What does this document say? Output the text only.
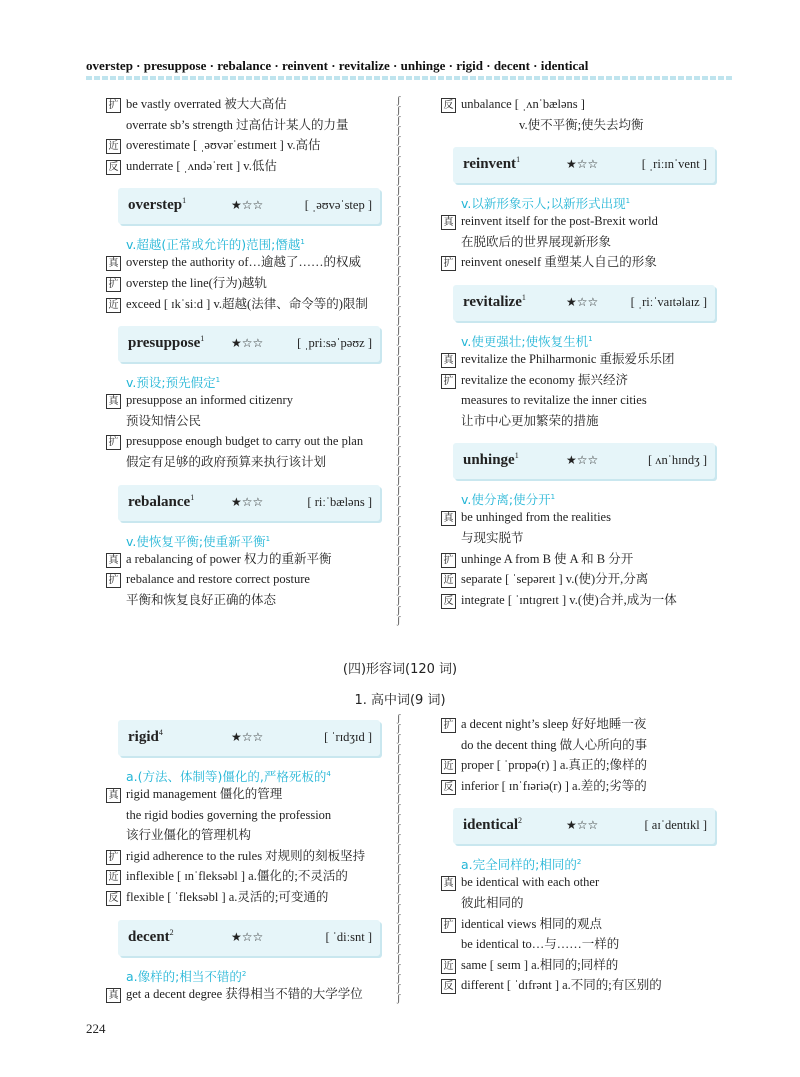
overstep · presuppose · rebalance · reinvent · revitalize · unhinge · rigid · decent · identical
扩 be vastly overrated 被大大高估
overrate sb’s strength 过高估计某人的力量
近 overestimate [ ˌəʊvərˈestɪmeɪt ] v.高估
反 underrate [ ˌʌndəˈreɪt ] v.低估
overstep$^1$	★☆☆	[ ˌəʊvəˈstep ]
v.超越(正常或允许的)范围;僭越$^1$
真 overstep the authority of…逾越了……的权威
扩 overstep the line(行为)越轨
近 exceed [ ɪkˈsiːd ] v.超越(法律、命令等的)限制
presuppose$^1$ ★☆☆	[ ˌpriːsəˈpəʊz ]
v.预设;预先假定$^1$
真 presuppose an informed citizenry
预设知情公民
扩 presuppose enough budget to carry out the plan
假定有足够的政府预算来执行该计划
rebalance$^1$	★☆☆	[ riːˈbæləns ]
v.使恢复平衡;使重新平衡$^1$
真 a rebalancing of power 权力的重新平衡
扩 rebalance and restore correct posture
平衡和恢复良好正确的体态
反 unbalance [ ˌʌnˈbæləns ]
v.使不平衡;使失去均衡
reinvent$^1$	★☆☆	[ ˌriːɪnˈvent ]
v.以新形象示人;以新形式出现$^1$
真 reinvent itself for the post-Brexit world
在脱欧后的世界展现新形象
扩 reinvent oneself 重塑某人自己的形象
revitalize$^1$	★☆☆	[ ˌriːˈvaɪtəlaɪz ]
v.使更强壮;使恢复生机$^1$
真 revitalize the Philharmonic 重振爱乐乐团
扩 revitalize the economy 振兴经济
measures to revitalize the inner cities
让市中心更加繁荣的措施
unhinge$^1$	★☆☆	[ ʌnˈhɪndʒ ]
v.使分离;使分开$^1$
真 be unhinged from the realities
与现实脱节
扩 unhinge A from B 使 A 和 B 分开
近 separate [ ˈsepəreɪt ] v.(使)分开,分离
反 integrate [ ˈɪntɪɡreɪt ] v.(使)合并,成为一体
ʃ
ʃ
ʃ
ʃ
ʃ
ʃ
ʃ
ʃ
ʃ
ʃ
ʃ
ʃ
ʃ
ʃ
ʃ
ʃ
ʃ
ʃ
ʃ
ʃ
ʃ
ʃ
ʃ
ʃ
ʃ
ʃ
ʃ
ʃ
ʃ
ʃ
ʃ
ʃ
ʃ
ʃ
ʃ
ʃ
ʃ
ʃ
ʃ
ʃ
ʃ
ʃ
ʃ
ʃ
ʃ
ʃ
ʃ
ʃ
ʃ
ʃ
ʃ
ʃ
ʃ
(四)形容词(120 词)
1. 高中词(9 词)
rigid$^4$	★☆☆	[ ˈrɪdʒɪd ]
a.(方法、体制等)僵化的,严格死板的$^4$
真 rigid management 僵化的管理
the rigid bodies governing the profession
该行业僵化的管理机构
扩 rigid adherence to the rules 对规则的刻板坚持
近 inflexible [ ɪnˈfleksəbl ] a.僵化的;不灵活的
反 flexible [ ˈfleksəbl ] a.灵活的;可变通的
decent$^2$	★☆☆	[ ˈdiːsnt ]
a.像样的;相当不错的$^2$
真 get a decent degree 获得相当不错的大学学位
扩 a decent night’s sleep 好好地睡一夜
do the decent thing 做人心所向的事
近 proper [ ˈprɒpə(r) ] a.真正的;像样的
反 inferior [ ɪnˈfɪəriə(r) ] a.差的;劣等的
identical$^2$	★☆☆	[ aɪˈdentɪkl ]
a.完全同样的;相同的$^2$
真 be identical with each other
彼此相同的
扩 identical views 相同的观点
be identical to…与……一样的
近 same [ seɪm ] a.相同的;同样的
反 different [ ˈdɪfrənt ] a.不同的;有区别的
ʃ
ʃ
ʃ
ʃ
ʃ
ʃ
ʃ
ʃ
ʃ
ʃ
ʃ
ʃ
ʃ
ʃ
ʃ
ʃ
ʃ
ʃ
ʃ
ʃ
ʃ
ʃ
ʃ
ʃ
ʃ
ʃ
ʃ
ʃ
ʃ
224
